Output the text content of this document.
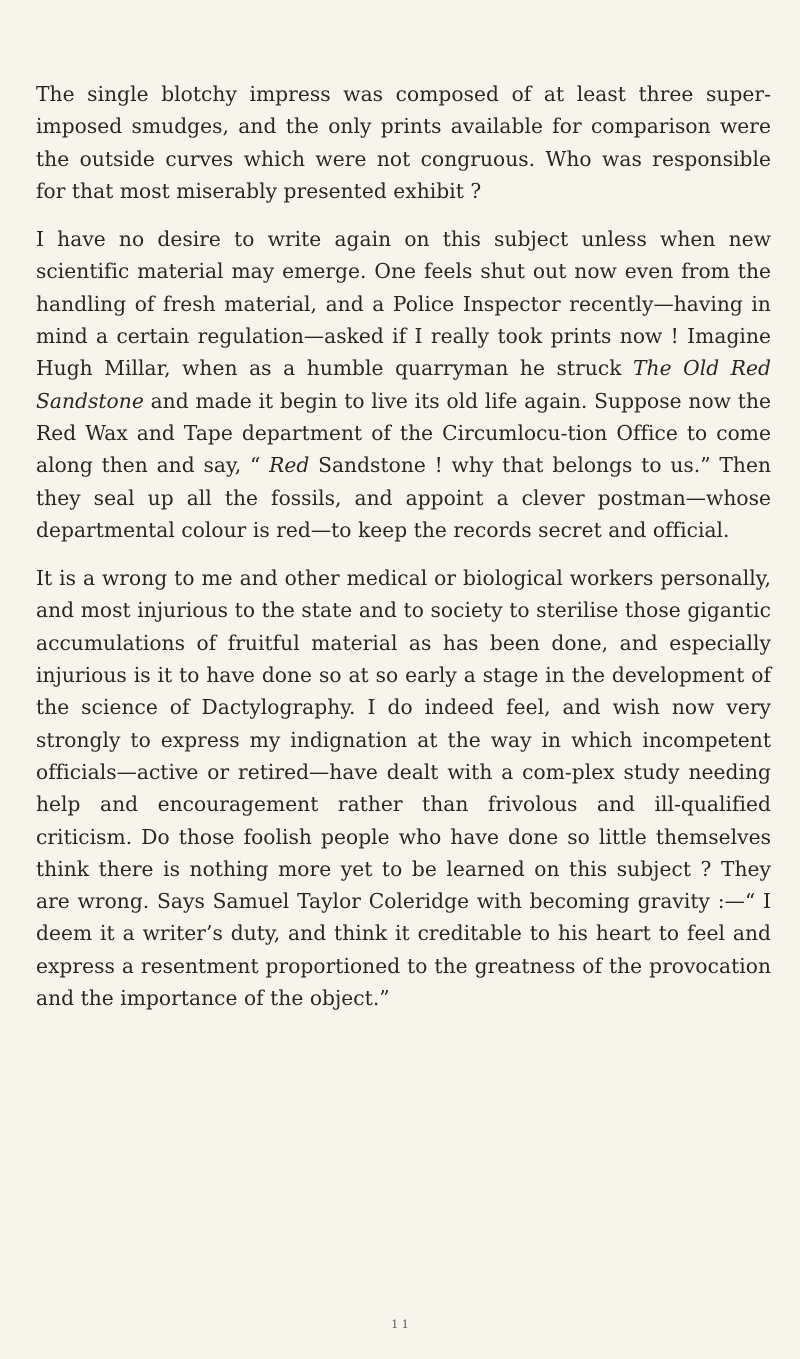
The single blotchy impress was composed of at least three super-imposed smudges, and the only prints available for comparison were the outside curves which were not congruous. Who was responsible for that most miserably presented exhibit ?

I have no desire to write again on this subject unless when new scientific material may emerge. One feels shut out now even from the handling of fresh material, and a Police Inspector recently—having in mind a certain regulation—asked if I really took prints now ! Imagine Hugh Millar, when as a humble quarryman he struck The Old Red Sandstone and made it begin to live its old life again. Suppose now the Red Wax and Tape department of the Circumlocu-tion Office to come along then and say, “ Red Sandstone ! why that belongs to us.” Then they seal up all the fossils, and appoint a clever postman—whose departmental colour is red—to keep the records secret and official.

It is a wrong to me and other medical or biological workers personally, and most injurious to the state and to society to sterilise those gigantic accumulations of fruitful material as has been done, and especially injurious is it to have done so at so early a stage in the development of the science of Dactylography. I do indeed feel, and wish now very strongly to express my indignation at the way in which incompetent officials—active or retired—have dealt with a com-plex study needing help and encouragement rather than frivolous and ill-qualified criticism. Do those foolish people who have done so little themselves think there is nothing more yet to be learned on this subject ? They are wrong. Says Samuel Taylor Coleridge with becoming gravity :—“ I deem it a writer’s duty, and think it creditable to his heart to feel and express a resentment proportioned to the greatness of the provocation and the importance of the object.”

1 1
